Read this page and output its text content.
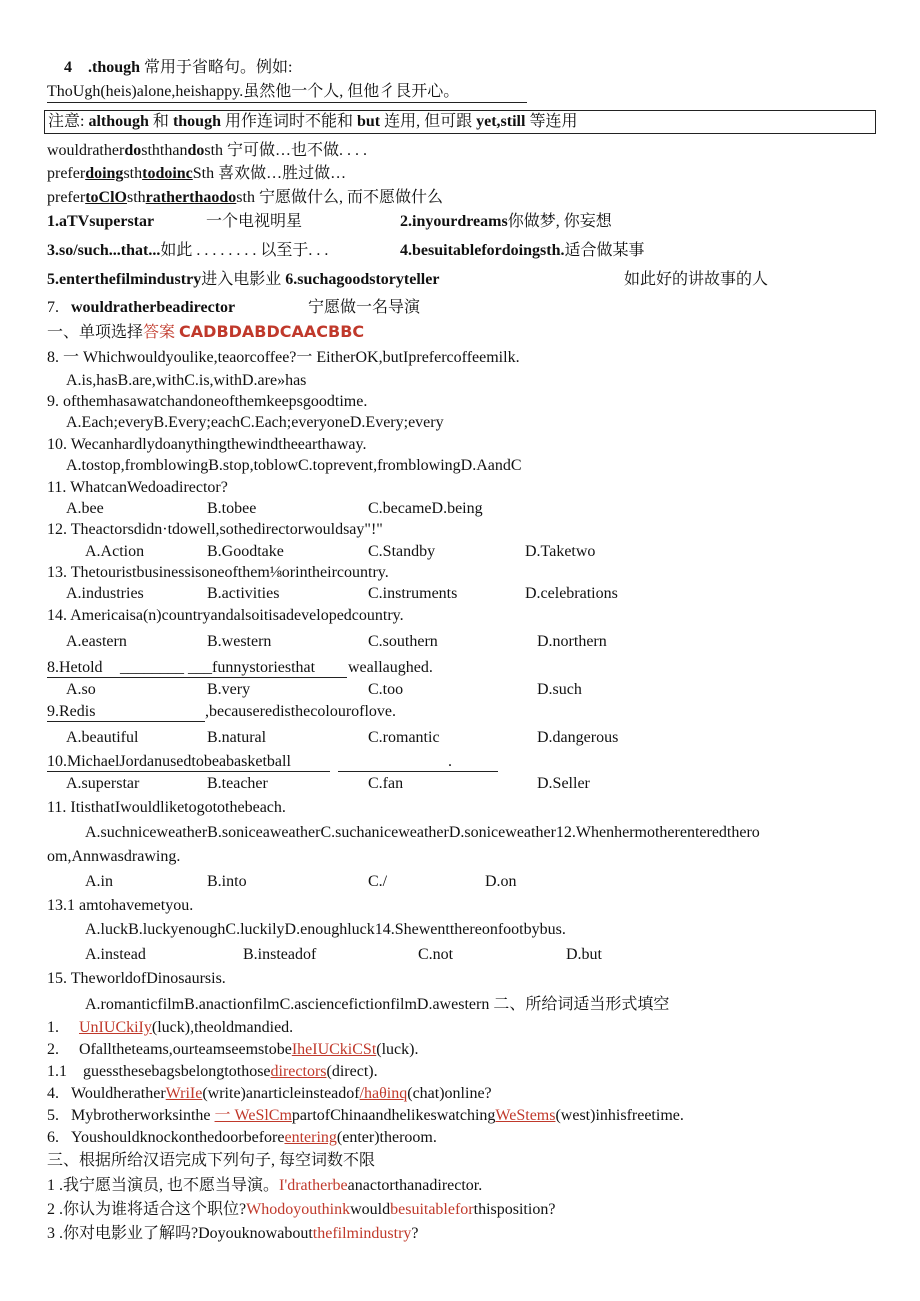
4 .though 常用于省略句。例如:
ThoUgh(heis)alone,heishappy.虽然他一个人, 但他彳艮开心。
注意: although 和 though 用作连词时不能和 but 连用, 但可跟 yet,still 等连用
wouldratherdosththandosth 宁可做…也不做. . . .
preferdoingsthtodoincSth 喜欢做…胜过做…
prefertoClOsthratherthaodosth 宁愿做什么, 而不愿做什么
1.aTVsuperstar	一个电视明星	2.inyourdreams你做梦, 你妄想
3.so/such...that...如此 . . . . . . . . 以至于. . .	4.besuitablefordoingsth.适合做某事
5.enterthefilmindustry进入电影业 6.suchagoodstoryteller	如此好的讲故事的人
7. wouldratherbeadirector	宁愿做一名导演
一、单项选择答案 CADBDABDCAACBBC
8. 一 Whichwouldyoulike,teaorcoffee?一 EitherOK,butIprefercoffeemilk.
A.is,hasB.are,withC.is,withD.are»has
9. ofthemhasawatchandoneofthemkeepsgoodtime.
A.Each;everyB.Every;eachC.Each;everyoneD.Every;every
10. Wecanhardlydoanythingthewindtheearthaway.
A.tostop,fromblowingB.stop,toblowC.toprevent,fromblowingD.AandC
11. WhatcanWedoadirector?
A.bee	B.tobee	C.becameD.being
12. Theactorsdidn·tdowell,sothedirectorwouldsay"!"
A.Action	B.Goodtake	C.Standby	D.Taketwo
13. Thetouristbusinessisoneofthem⅛orintheircountry.
A.industries	B.activities	C.instruments	D.celebrations
14. Americaisa(n)countryandalsoitisadevelopedcountry.
A.eastern	B.western	C.southern	D.northern
8.Hetold ________ ___ funnystoriesthat weallaughed.
A.so	B.very	C.too	D.such
9.Redis	,becauseredisthecolouroflove.
A.beautiful	B.natural	C.romantic	D.dangerous
10.MichaelJordanusedtobeabasketball	.
A.superstar	B.teacher	C.fan	D.Seller
11. ItisthatIwouldliketogotothebeach.
A.suchniceweatherB.soniceaweatherC.suchaniceweatherD.soniceweather12.Whenhermotherenteredthero
om,Annwasdrawing.
A.in	B.into	C./	D.on
13.1 amtohavemetyou.
A.luckB.luckyenoughC.luckilyD.enoughluck14.Shewentthereonfootbybus.
A.instead	B.insteadof	C.not	D.but
15. TheworldofDinosaursis.
A.romanticfilmB.anactionfilmC.asciencefictionfilmD.awestern 二、所给词适当形式填空
1. UnIUCkiIy(luck),theoldmandied.
2. Ofalltheteams,ourteamseemstobeIheIUCkiCSt(luck).
1.1 guessthesebagsbelongtothosedirectors(direct).
4. WouldheratherWriIe(write)anarticleinsteadof/haθinq(chat)online?
5. Mybrotherworksinthe 一 WeSlCmpartofChinaandhelikeswatchingWeStems(west)inhisfreetime.
6. Youshouldknockonthedoorbeforeentering(enter)theroom.
三、根据所给汉语完成下列句子, 每空词数不限
1 .我宁愿当演员, 也不愿当导演。I'dratherbeanactorthanadirector.
2 .你认为谁将适合这个职位?Whodoyouthinkwouldbesuitableforthisposition?
3 .你对电影业了解吗?Doyouknowaboutthefilmindustry?
